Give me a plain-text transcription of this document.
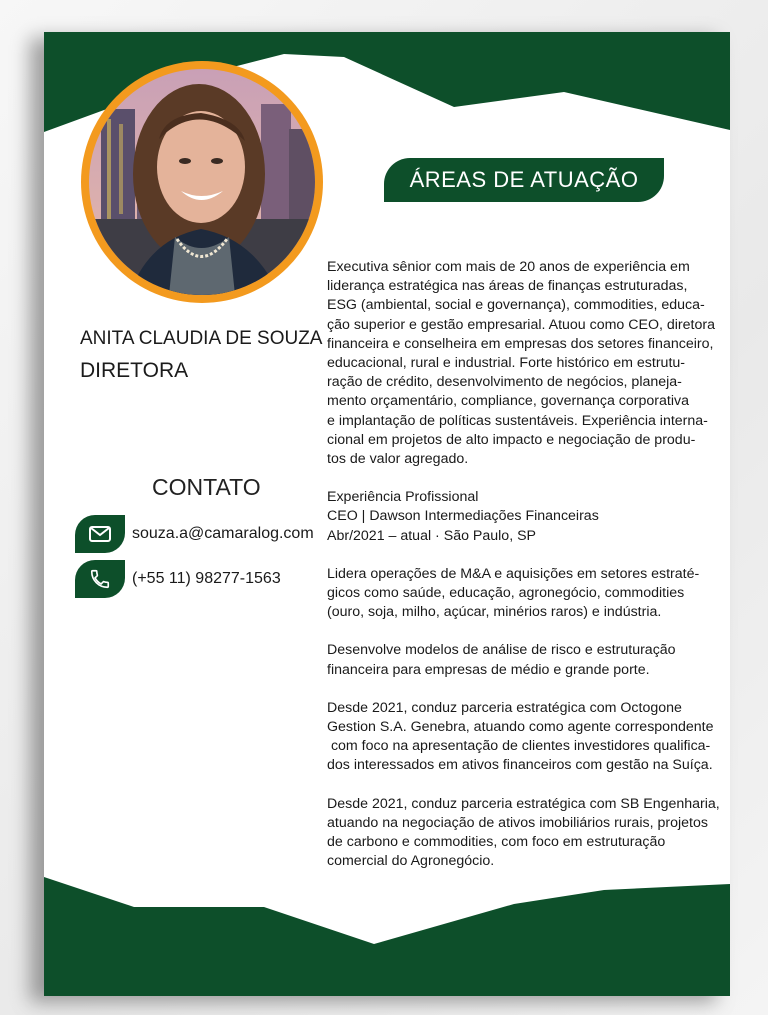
ÁREAS DE ATUAÇÃO
ANITA CLAUDIA DE SOUZA
DIRETORA
CONTATO
souza.a@camaralog.com
(+55 11) 98277-1563

Executiva sênior com mais de 20 anos de experiência em
liderança estratégica nas áreas de finanças estruturadas,
ESG (ambiental, social e governança), commodities, educa-
ção superior e gestão empresarial. Atuou como CEO, diretora
financeira e conselheira em empresas dos setores financeiro,
educacional, rural e industrial. Forte histórico em estrutu-
ração de crédito, desenvolvimento de negócios, planeja-
mento orçamentário, compliance, governança corporativa
e implantação de políticas sustentáveis. Experiência interna-
cional em projetos de alto impacto e negociação de produ-
tos de valor agregado.

Experiência Profissional
CEO | Dawson Intermediações Financeiras
Abr/2021 – atual · São Paulo, SP

Lidera operações de M&A e aquisições em setores estraté-
gicos como saúde, educação, agronegócio, commodities
(ouro, soja, milho, açúcar, minérios raros) e indústria.

Desenvolve modelos de análise de risco e estruturação
financeira para empresas de médio e grande porte.

Desde 2021, conduz parceria estratégica com Octogone
Gestion S.A. Genebra, atuando como agente correspondente
com foco na apresentação de clientes investidores qualifica-
dos interessados em ativos financeiros com gestão na Suíça.

Desde 2021, conduz parceria estratégica com SB Engenharia,
atuando na negociação de ativos imobiliários rurais, projetos
de carbono e commodities, com foco em estruturação
comercial do Agronegócio.
